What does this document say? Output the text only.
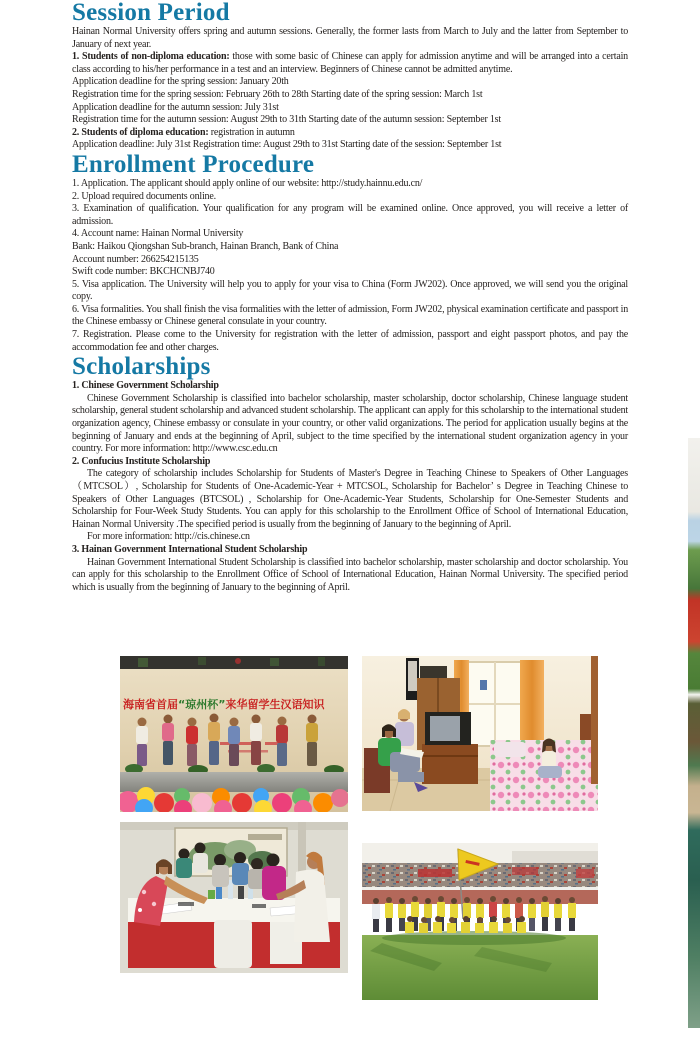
Session Period

Hainan Normal University offers spring and autumn sessions. Generally, the former lasts from March to July and the latter from September to January of next year.

1. Students of non-diploma education: those with some basic of Chinese can apply for admission anytime and will be arranged into a certain class according to his/her performance in a test and an interview. Beginners of Chinese cannot be admitted anytime.

Application deadline for the spring session: January 20th

Registration time for the spring session: February 26th to 28th Starting date of the spring session: March 1st

Application deadline for the autumn session: July 31st

Registration time for the autumn session: August 29th to 31th Starting date of the autumn session: September 1st

2. Students of diploma education: registration in autumn

Application deadline: July 31st Registration time: August 29th to 31st Starting date of the session: September 1st

Enrollment Procedure

1. Application. The applicant should apply online of our website: http://study.hainnu.edu.cn/

2. Upload required documents online.

3. Examination of qualification. Your qualification for any program will be examined online. Once approved, you will receive a letter of admission.

4. Account name: Hainan Normal University

Bank: Haikou Qiongshan Sub-branch, Hainan Branch, Bank of China

Account number: 266254215135

Swift code number: BKCHCNBJ740

5. Visa application. The University will help you to apply for your visa to China (Form JW202). Once approved, we will send you the original copy.

6. Visa formalities. You shall finish the visa formalities with the letter of admission, Form JW202, physical examination certificate and passport in the Chinese embassy or Chinese general consulate in your country.

7. Registration. Please come to the University for registration with the letter of admission, passport and eight passport photos, and pay the accommodation fee and other charges.

Scholarships

1. Chinese Government Scholarship

Chinese Government Scholarship is classified into bachelor scholarship, master scholarship, doctor scholarship, Chinese language student scholarship, general student scholarship and advanced student scholarship. The applicant can apply for this scholarship to the international student organization agency, Chinese embassy or consulate in your country, or other valid organizations. The period for application usually begins at the beginning of January and ends at the beginning of April, subject to the time specified by the international student organization agency in your country. For more information: http://www.csc.edu.cn

2. Confucius Institute Scholarship

The category of scholarship includes Scholarship for Students of Master's Degree in Teaching Chinese to Speakers of Other Languages（MTCSOL）, Scholarship for Students of One-Academic-Year + MTCSOL, Scholarship for Bachelor’ s Degree in Teaching Chinese to Speakers of Other Languages (BTCSOL) , Scholarship for One-Academic-Year Students, Scholarship for One-Semester Students and Scholarship for Four-Week Study Students. You can apply for this scholarship to the Enrollment Office of School of International Education, Hainan Normal University .The specified period is usually from the beginning of January to the beginning of April.

For more information: http://cis.chinese.cn

3. Hainan Government International Student Scholarship

Hainan Government International Student Scholarship is classified into bachelor scholarship, master scholarship and doctor scholarship. You can apply for this scholarship to the Enrollment Office of School of International Education, Hainan Normal University. The specified period which is usually from the beginning of January to the beginning of April.

海南省首届“琼州杯”来华留学生汉语知识
